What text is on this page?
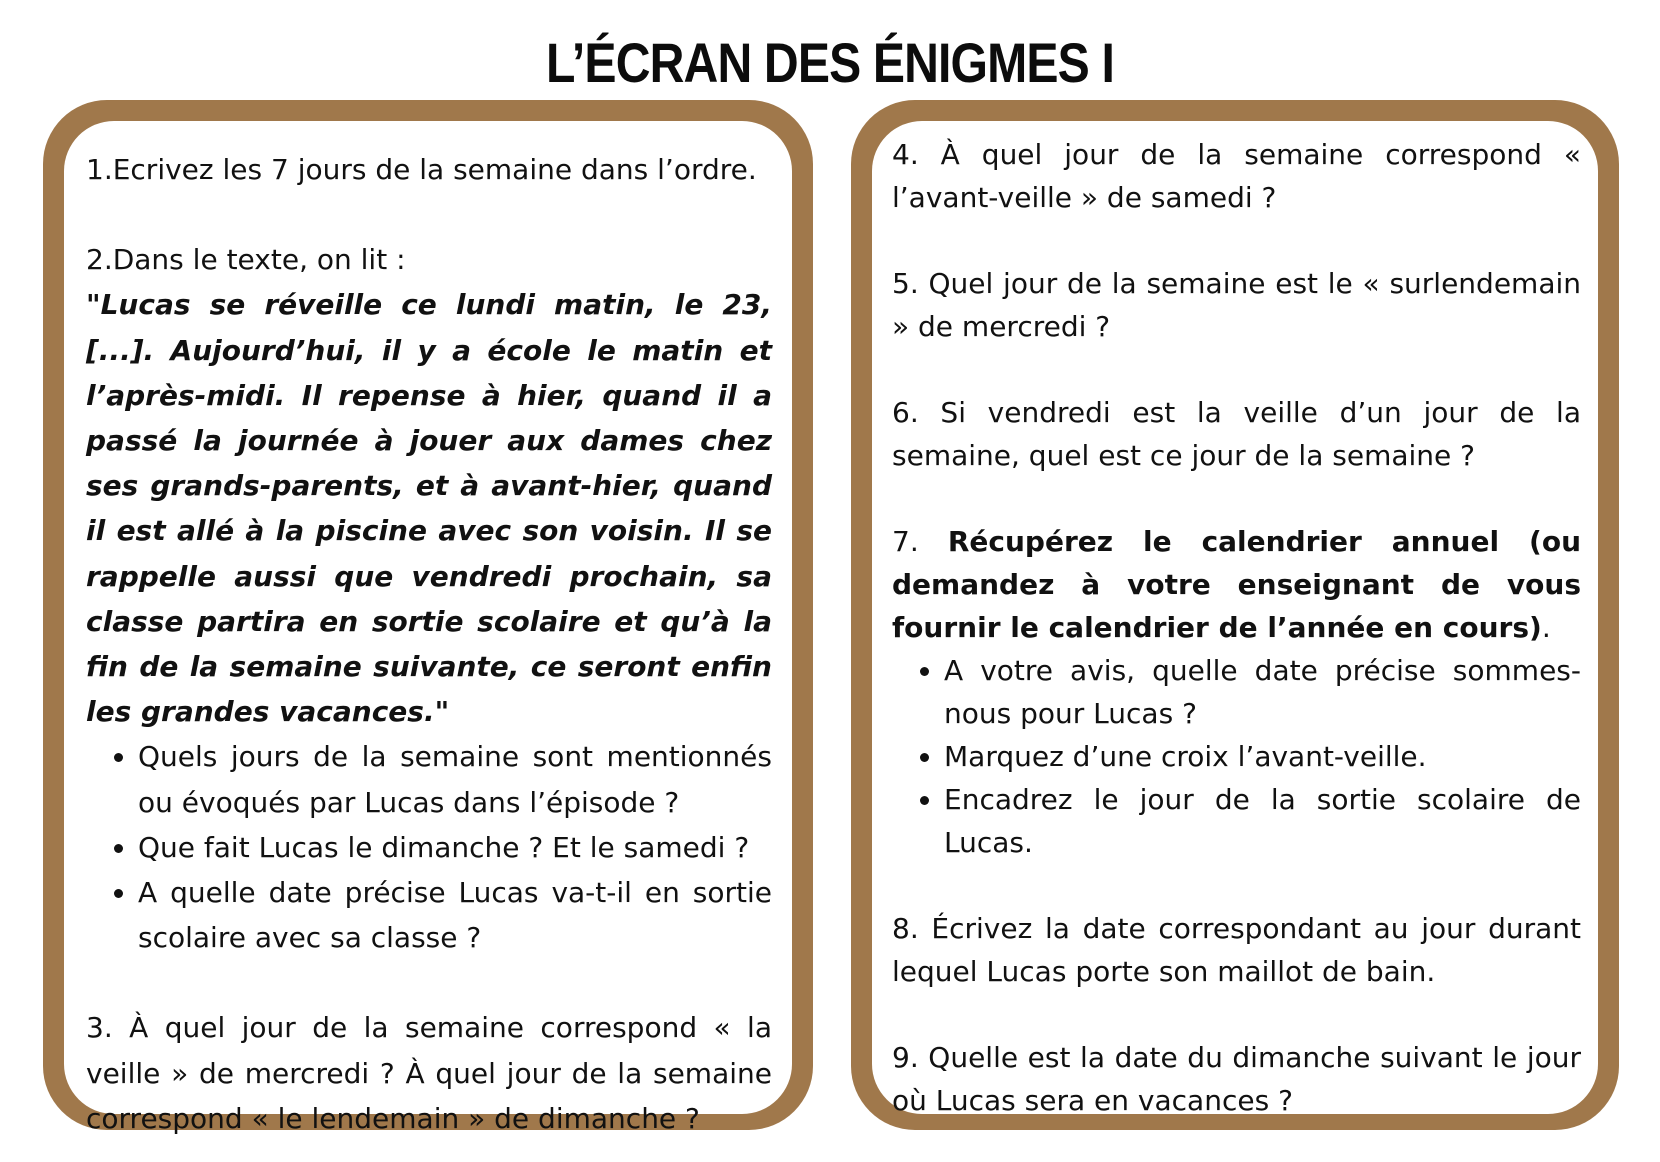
L’ÉCRAN DES ÉNIGMES I

1.Ecrivez les 7 jours de la semaine dans l’ordre.

2.Dans le texte, on lit :

"Lucas se réveille ce lundi matin, le 23, [...]. Aujourd’hui, il y a école le matin et l’après-midi. Il repense à hier, quand il a passé la journée à jouer aux dames chez ses grands-parents, et à avant-hier, quand il est allé à la piscine avec son voisin. Il se rappelle aussi que vendredi prochain, sa classe partira en sortie scolaire et qu’à la fin de la semaine suivante, ce seront enfin les grandes vacances."

• Quels jours de la semaine sont mentionnés ou évoqués par Lucas dans l’épisode ?
• Que fait Lucas le dimanche ? Et le samedi ?
• A quelle date précise Lucas va-t-il en sortie scolaire avec sa classe ?

3. À quel jour de la semaine correspond « la veille » de mercredi ? À quel jour de la semaine correspond « le lendemain » de dimanche ?

4. À quel jour de la semaine correspond « l’avant-veille » de samedi ?

5. Quel jour de la semaine est le « surlendemain » de mercredi ?

6. Si vendredi est la veille d’un jour de la semaine, quel est ce jour de la semaine ?

7. Récupérez le calendrier annuel (ou demandez à votre enseignant de vous fournir le calendrier de l’année en cours).

• A votre avis, quelle date précise sommes-nous pour Lucas ?
• Marquez d’une croix l’avant-veille.
• Encadrez le jour de la sortie scolaire de Lucas.

8. Écrivez la date correspondant au jour durant lequel Lucas porte son maillot de bain.

9. Quelle est la date du dimanche suivant le jour où Lucas sera en vacances ?
